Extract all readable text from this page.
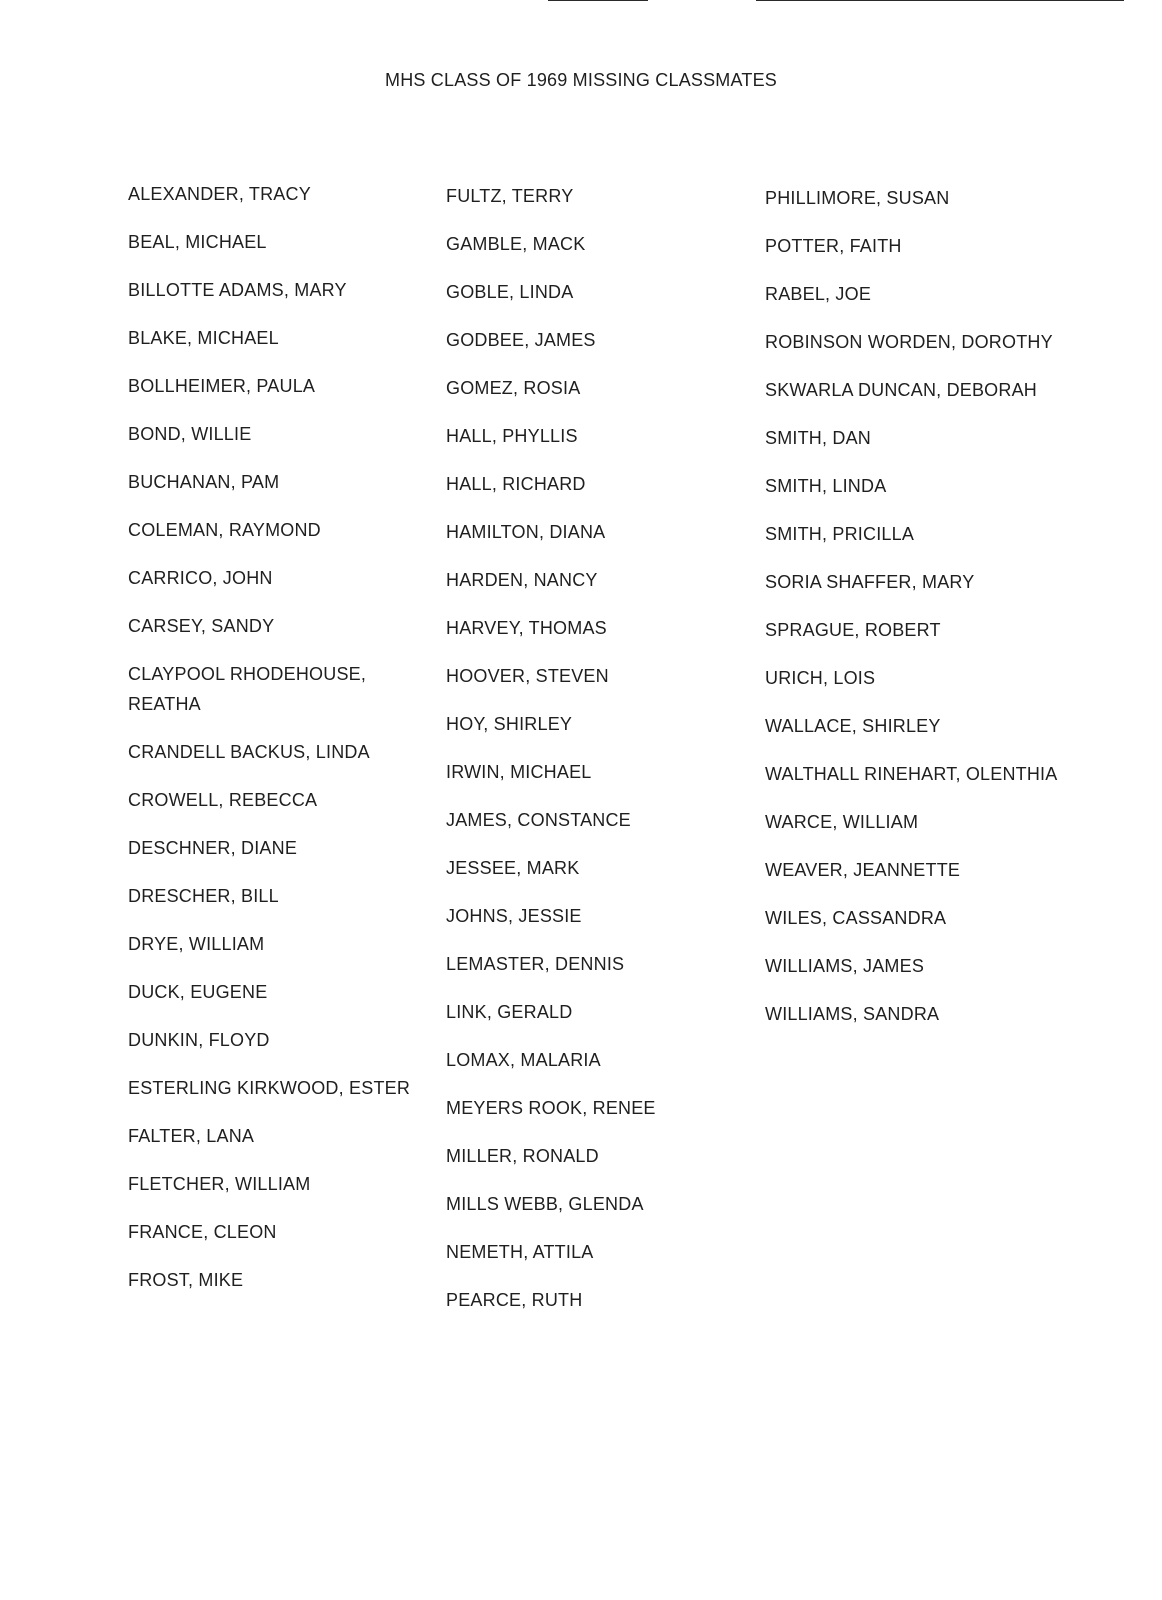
MHS CLASS OF 1969 MISSING CLASSMATES
ALEXANDER, TRACY
BEAL, MICHAEL
BILLOTTE ADAMS, MARY
BLAKE, MICHAEL
BOLLHEIMER, PAULA
BOND, WILLIE
BUCHANAN, PAM
COLEMAN, RAYMOND
CARRICO, JOHN
CARSEY, SANDY
CLAYPOOL RHODEHOUSE, REATHA
CRANDELL BACKUS, LINDA
CROWELL, REBECCA
DESCHNER, DIANE
DRESCHER, BILL
DRYE, WILLIAM
DUCK, EUGENE
DUNKIN, FLOYD
ESTERLING KIRKWOOD, ESTER
FALTER, LANA
FLETCHER, WILLIAM
FRANCE, CLEON
FROST, MIKE
FULTZ, TERRY
GAMBLE, MACK
GOBLE, LINDA
GODBEE, JAMES
GOMEZ, ROSIA
HALL, PHYLLIS
HALL, RICHARD
HAMILTON, DIANA
HARDEN, NANCY
HARVEY, THOMAS
HOOVER, STEVEN
HOY, SHIRLEY
IRWIN, MICHAEL
JAMES, CONSTANCE
JESSEE, MARK
JOHNS, JESSIE
LEMASTER, DENNIS
LINK, GERALD
LOMAX, MALARIA
MEYERS ROOK, RENEE
MILLER, RONALD
MILLS WEBB, GLENDA
NEMETH, ATTILA
PEARCE, RUTH
PHILLIMORE, SUSAN
POTTER, FAITH
RABEL, JOE
ROBINSON WORDEN, DOROTHY
SKWARLA DUNCAN, DEBORAH
SMITH, DAN
SMITH, LINDA
SMITH, PRICILLA
SORIA SHAFFER, MARY
SPRAGUE, ROBERT
URICH, LOIS
WALLACE, SHIRLEY
WALTHALL RINEHART, OLENTHIA
WARCE, WILLIAM
WEAVER, JEANNETTE
WILES, CASSANDRA
WILLIAMS, JAMES
WILLIAMS, SANDRA
